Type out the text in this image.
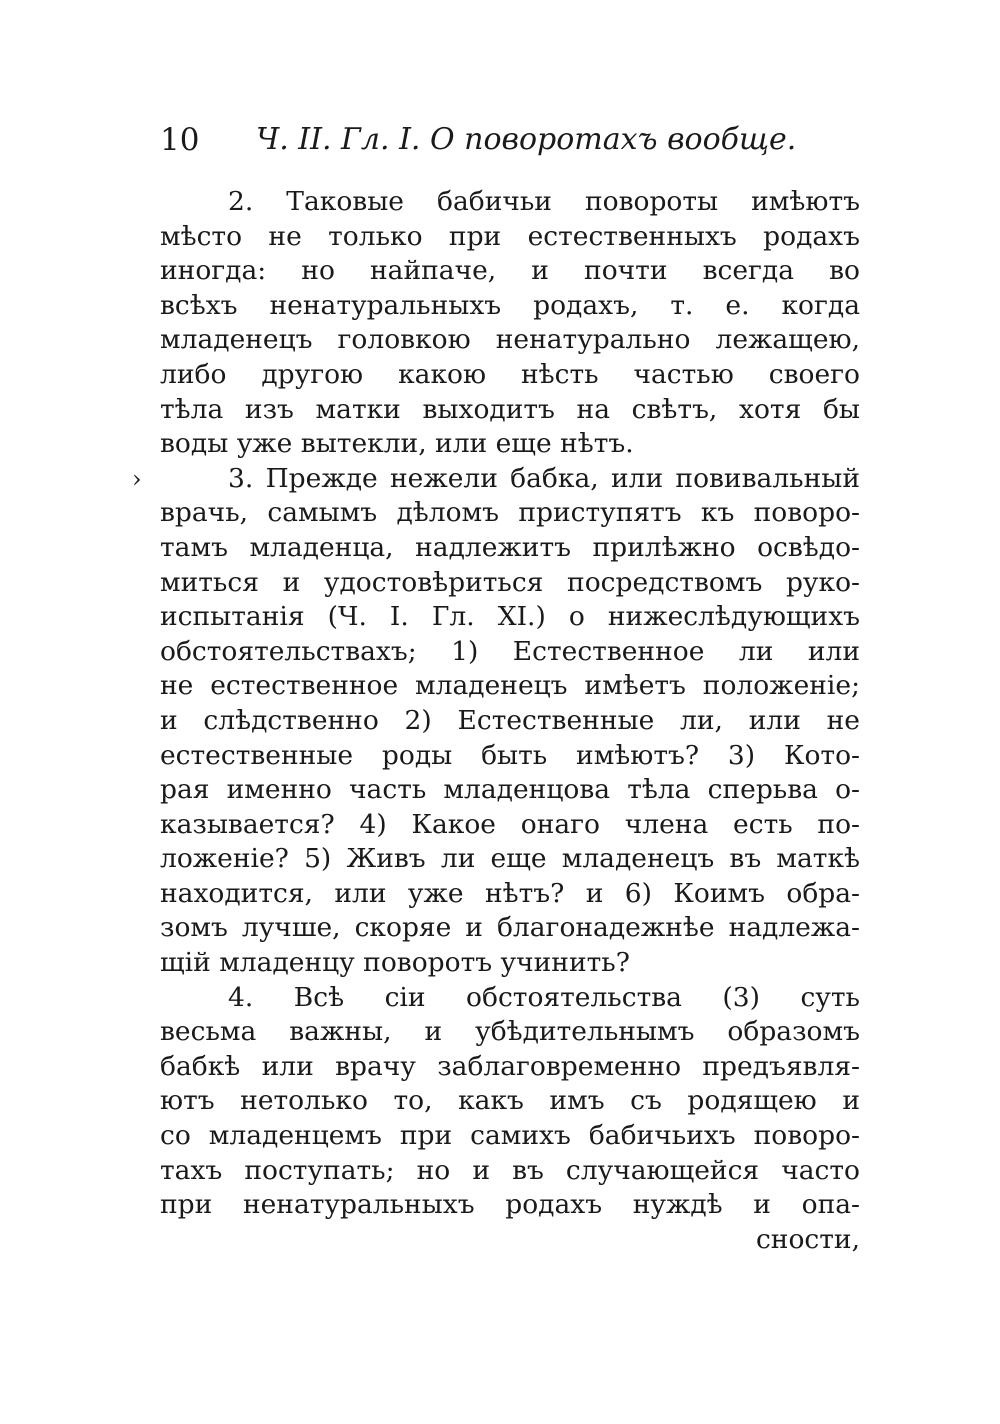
10 Ч. II. Гл. I. О поворотахъ вообще.
›
2. Таковые бабичьи повороты имѣютъ
мѣсто не только при естественныхъ родахъ
иногда: но найпаче, и почти всегда во
всѣхъ ненатуральныхъ родахъ, т. е. когда
младенецъ головкою ненатурально лежащею,
либо другою какою нѣсть частью своего
тѣла изъ матки выходитъ на свѣтъ, хотя бы
воды уже вытекли, или еще нѣтъ.
3. Прежде нежели бабка, или повивальный
врачь, самымъ дѣломъ приступятъ къ поворо-
тамъ младенца, надлежитъ прилѣжно освѣдо-
миться и удостовѣриться посредствомъ руко-
испытанія (Ч. I. Гл. XI.) о нижеслѣдующихъ
обстоятельствахъ; 1) Естественное ли или
не естественное младенецъ имѣетъ положеніе;
и слѣдственно 2) Естественные ли, или не
естественные роды быть имѣютъ? 3) Кото-
рая именно часть младенцова тѣла сперьва о-
казывается? 4) Какое онаго члена есть по-
ложеніе? 5) Живъ ли еще младенецъ въ маткѣ
находится, или уже нѣтъ? и 6) Коимъ обра-
зомъ лучше, скоряе и благонадежнѣе надлежа-
щій младенцу поворотъ учинить?
4. Всѣ сіи обстоятельства (3) суть
весьма важны, и убѣдительнымъ образомъ
бабкѣ или врачу заблаговременно предъявля-
ютъ нетолько то, какъ имъ съ родящею и
со младенцемъ при самихъ бабичьихъ поворо-
тахъ поступать; но и въ случающейся часто
при ненатуральныхъ родахъ нуждѣ и опа-
сности,
